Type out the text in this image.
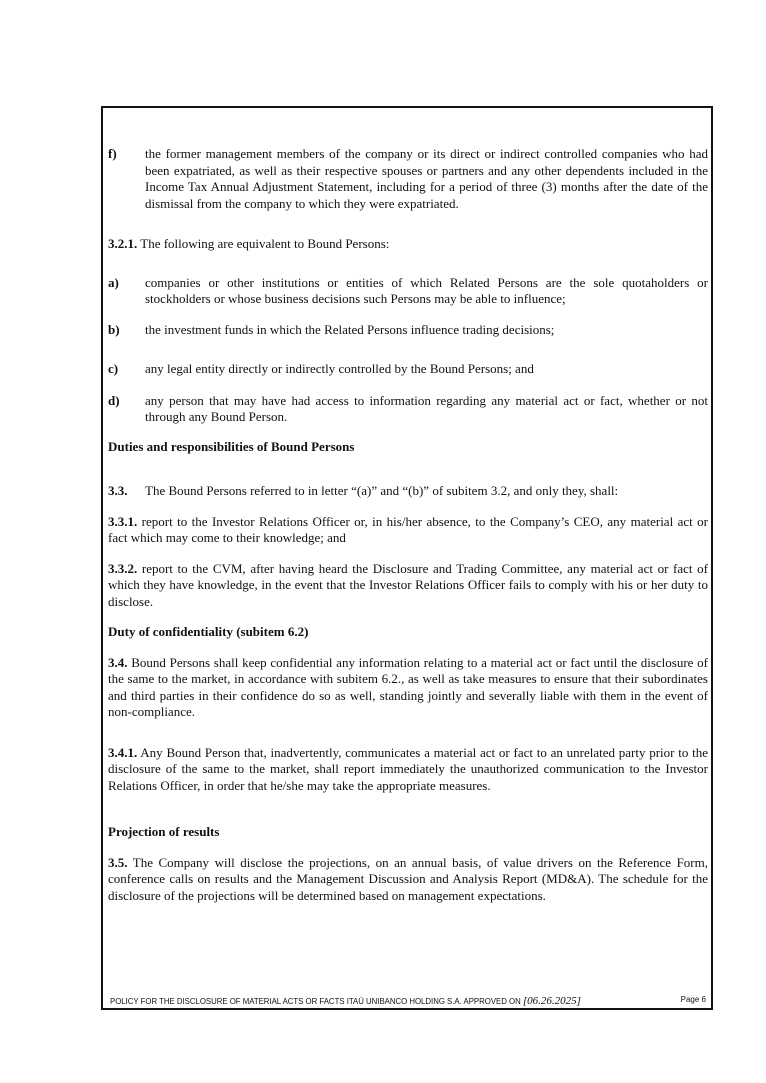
f)	the former management members of the company or its direct or indirect controlled companies who had been expatriated, as well as their respective spouses or partners and any other dependents included in the Income Tax Annual Adjustment Statement, including for a period of three (3) months after the date of the dismissal from the company to which they were expatriated.

3.2.1. The following are equivalent to Bound Persons:

a)	companies or other institutions or entities of which Related Persons are the sole quotaholders or stockholders or whose business decisions such Persons may be able to influence;
b)	the investment funds in which the Related Persons influence trading decisions;
c)	any legal entity directly or indirectly controlled by the Bound Persons; and
d)	any person that may have had access to information regarding any material act or fact, whether or not through any Bound Person.

Duties and responsibilities of Bound Persons

3.3. The Bound Persons referred to in letter “(a)” and “(b)” of subitem 3.2, and only they, shall:

3.3.1. report to the Investor Relations Officer or, in his/her absence, to the Company’s CEO, any material act or fact which may come to their knowledge; and

3.3.2. report to the CVM, after having heard the Disclosure and Trading Committee, any material act or fact of which they have knowledge, in the event that the Investor Relations Officer fails to comply with his or her duty to disclose.

Duty of confidentiality (subitem 6.2)

3.4. Bound Persons shall keep confidential any information relating to a material act or fact until the disclosure of the same to the market, in accordance with subitem 6.2., as well as take measures to ensure that their subordinates and third parties in their confidence do so as well, standing jointly and severally liable with them in the event of non-compliance.

3.4.1. Any Bound Person that, inadvertently, communicates a material act or fact to an unrelated party prior to the disclosure of the same to the market, shall report immediately the unauthorized communication to the Investor Relations Officer, in order that he/she may take the appropriate measures.

Projection of results

3.5. The Company will disclose the projections, on an annual basis, of value drivers on the Reference Form, conference calls on results and the Management Discussion and Analysis Report (MD&A). The schedule for the disclosure of the projections will be determined based on management expectations.

POLICY FOR THE DISCLOSURE OF MATERIAL ACTS OR FACTS ITAÚ UNIBANCO HOLDING S.A. APPROVED ON [06.26.2025]	Page 6
